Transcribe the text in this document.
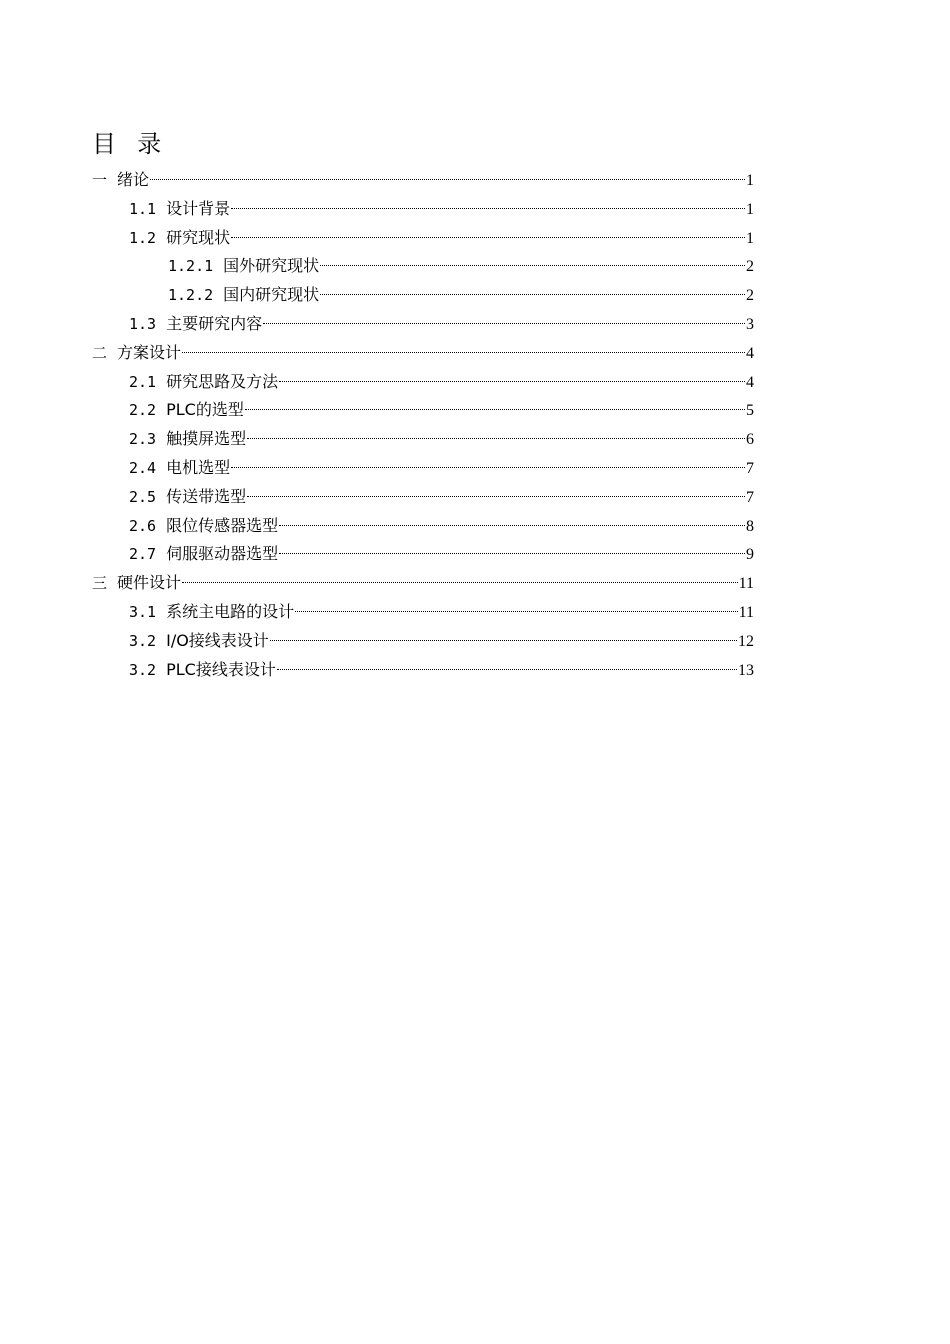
目  录
一 绪论	1
1.1 设计背景	1
1.2 研究现状	1
1.2.1 国外研究现状	2
1.2.2 国内研究现状	2
1.3 主要研究内容	3
二 方案设计	4
2.1 研究思路及方法	4
2.2 PLC的选型	5
2.3 触摸屏选型	6
2.4 电机选型	7
2.5 传送带选型	7
2.6 限位传感器选型	8
2.7 伺服驱动器选型	9
三 硬件设计	11
3.1 系统主电路的设计	11
3.2 I/O接线表设计	12
3.2 PLC接线表设计	13
